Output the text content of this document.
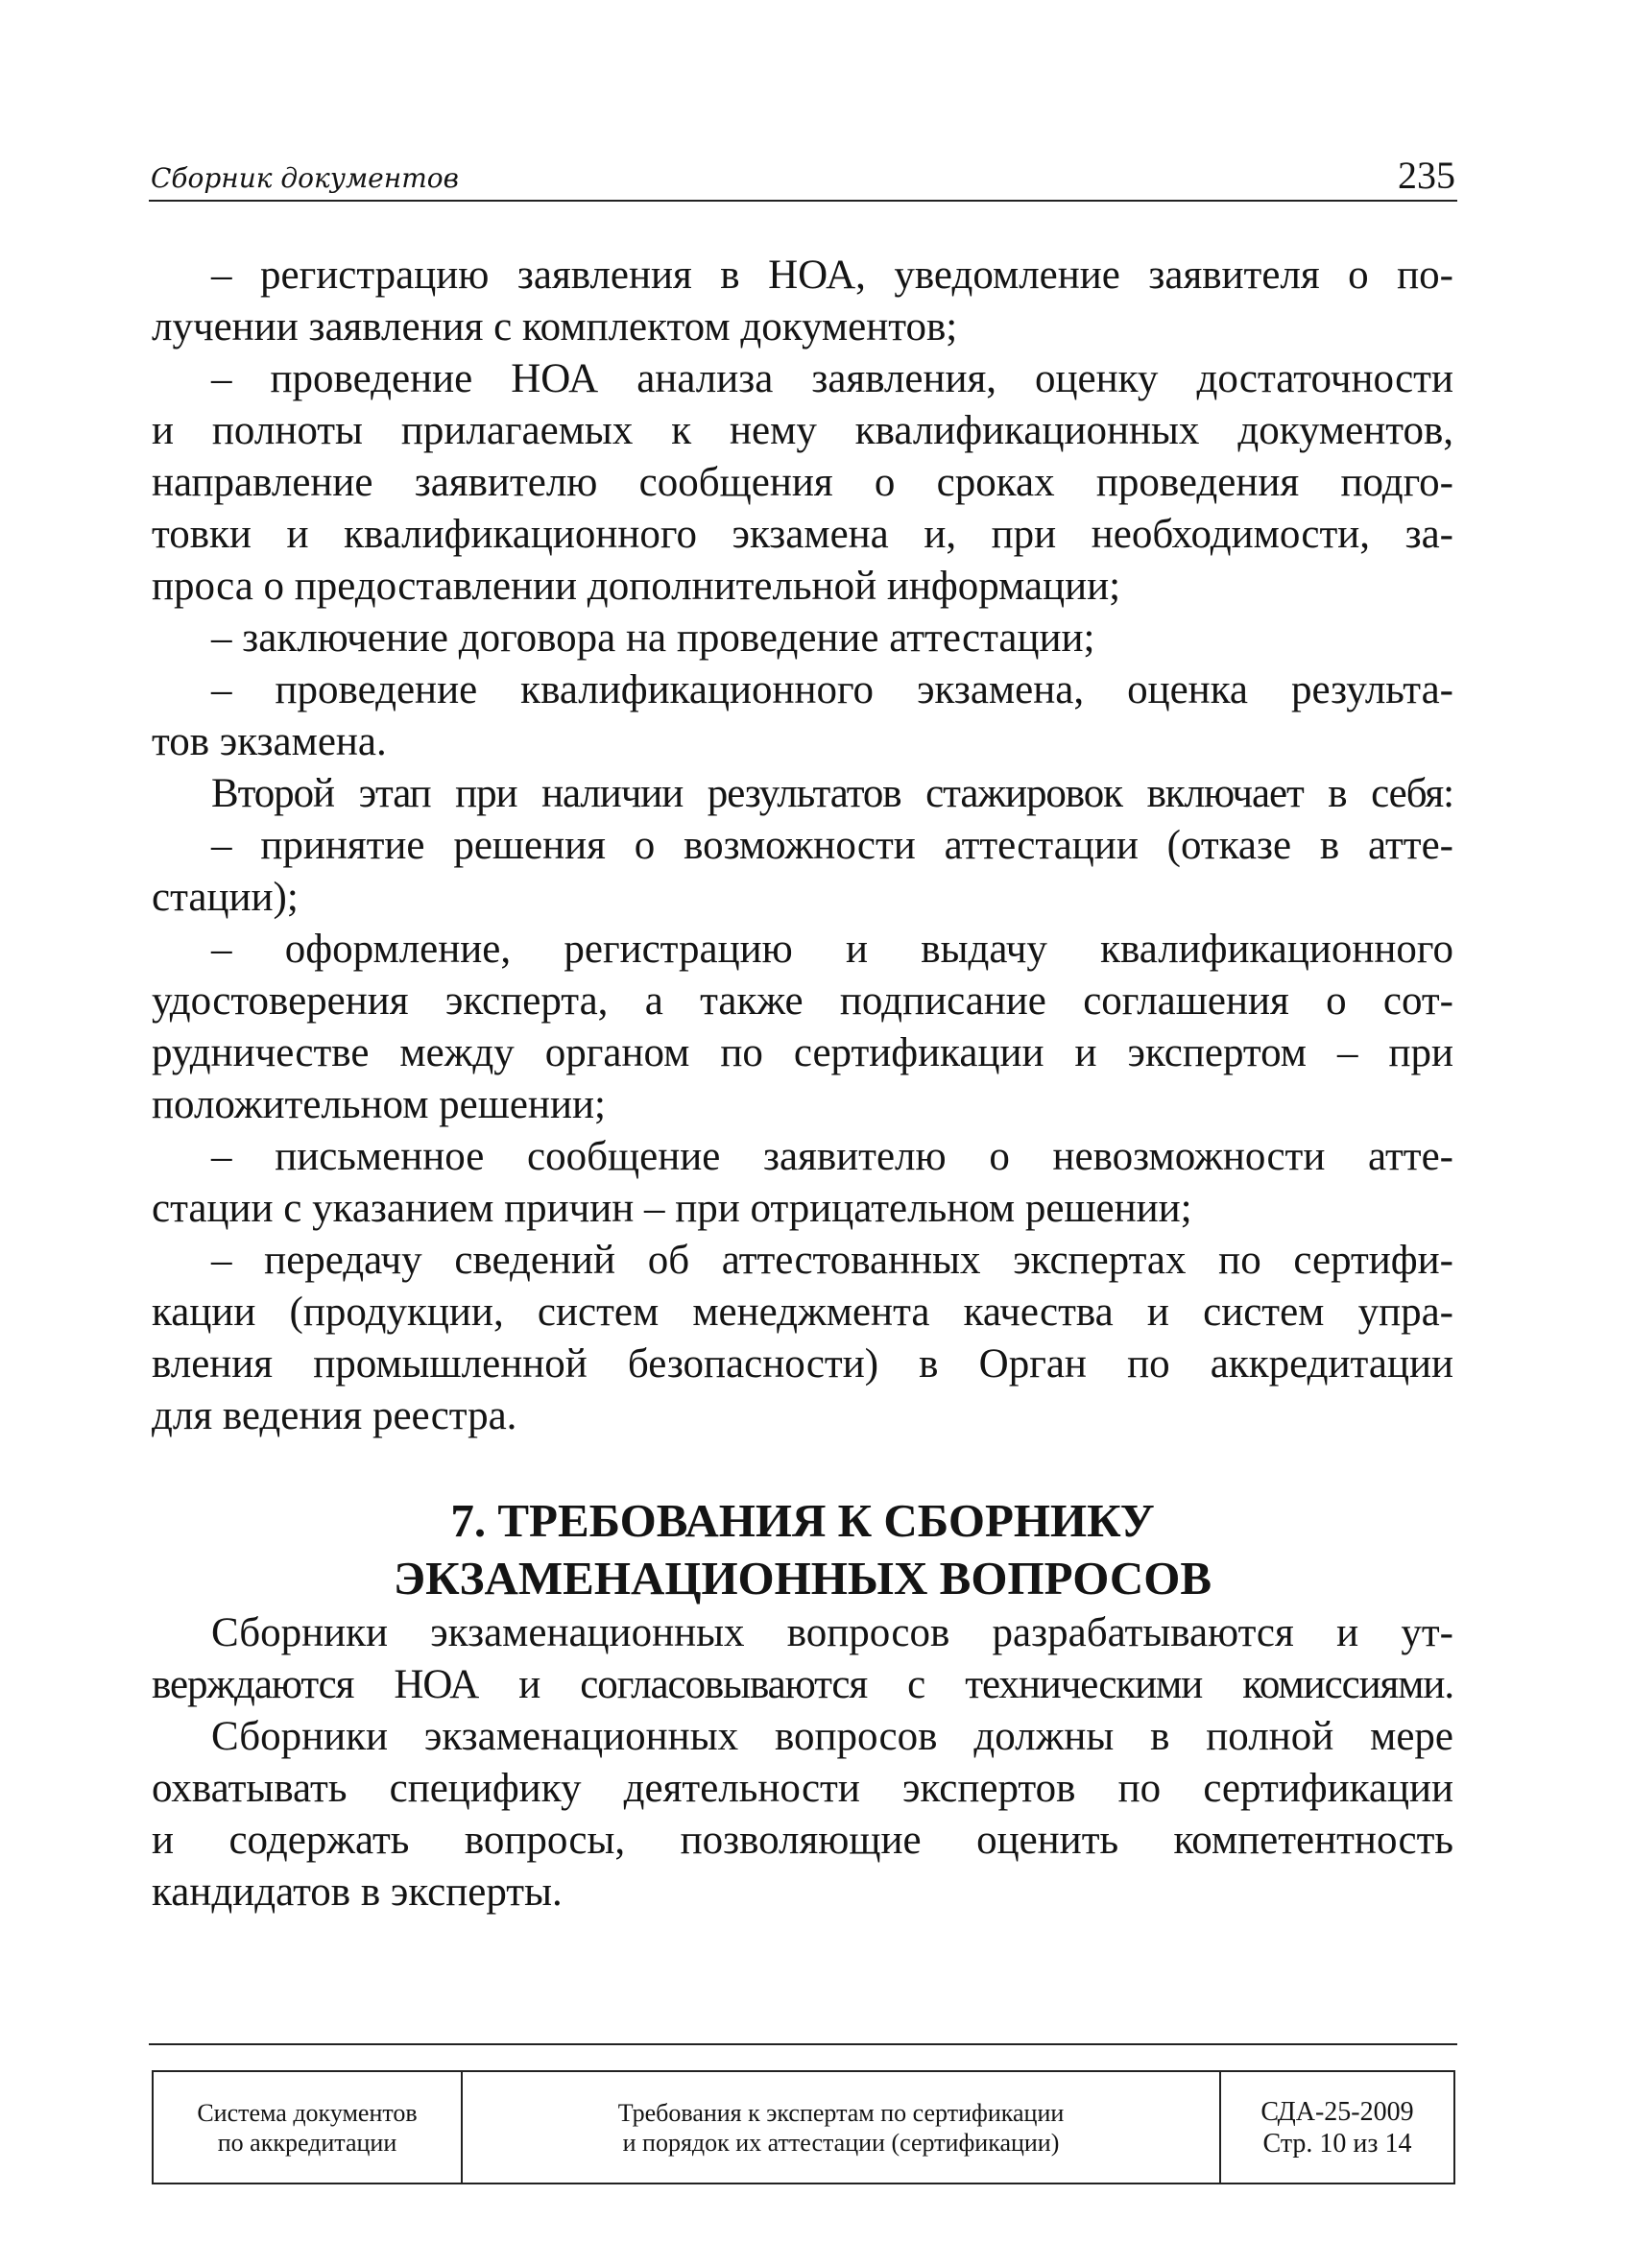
Сборник документов	235
– регистрацию заявления в НОА, уведомление заявителя о по-
лучении заявления с комплектом документов;
– проведение НОА анализа заявления, оценку достаточности
и полноты прилагаемых к нему квалификационных документов,
направление заявителю сообщения о сроках проведения подго-
товки и квалификационного экзамена и, при необходимости, за-
проса о предоставлении дополнительной информации;
– заключение договора на проведение аттестации;
– проведение квалификационного экзамена, оценка результа-
тов экзамена.
Второй этап при наличии результатов стажировок включает в себя:
– принятие решения о возможности аттестации (отказе в атте-
стации);
– оформление, регистрацию и выдачу квалификационного
удостоверения эксперта, а также подписание соглашения о сот-
рудничестве между органом по сертификации и экспертом – при
положительном решении;
– письменное сообщение заявителю о невозможности атте-
стации с указанием причин – при отрицательном решении;
– передачу сведений об аттестованных экспертах по сертифи-
кации (продукции, систем менеджмента качества и систем упра-
вления промышленной безопасности) в Орган по аккредитации
для ведения реестра.
7. ТРЕБОВАНИЯ К СБОРНИКУ
ЭКЗАМЕНАЦИОННЫХ ВОПРОСОВ
Сборники экзаменационных вопросов разрабатываются и ут-
верждаются НОА и согласовываются с техническими комиссиями.
Сборники экзаменационных вопросов должны в полной мере
охватывать специфику деятельности экспертов по сертификации
и содержать вопросы, позволяющие оценить компетентность
кандидатов в эксперты.
Система документов
по аккредитации
Требования к экспертам по сертификации
и порядок их аттестации (сертификации)
СДА-25-2009
Стр. 10 из 14
